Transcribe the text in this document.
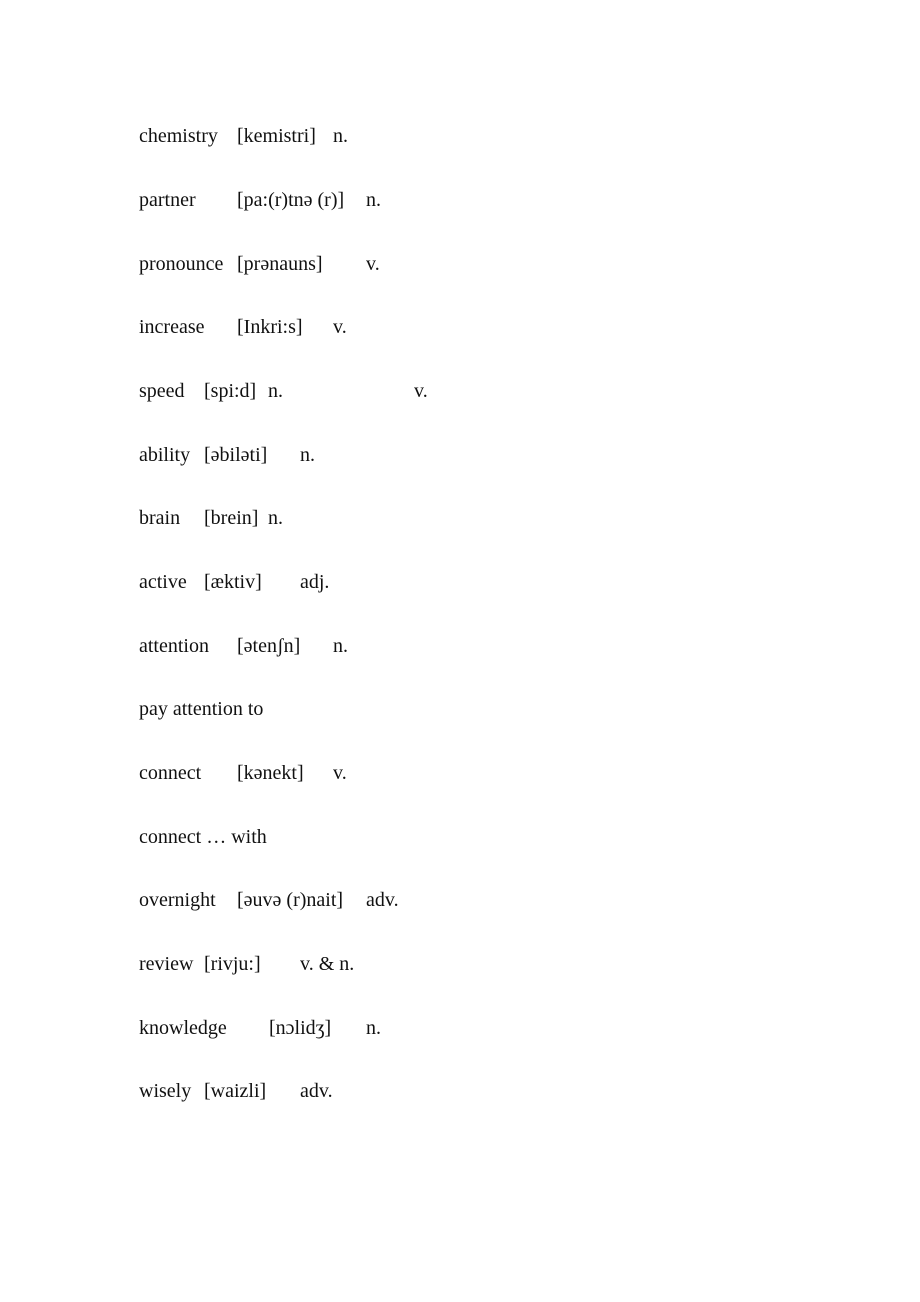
chemistry [kemistri] n.
partner [pa:(r)tnə (r)] n.
pronounce [prənauns] v.
increase [Inkri:s] v.
speed [spi:d] n.	v.
ability [əbiləti] n.
brain [brein] n.
active [æktiv] adj.
attention [ətenʃn] n.
pay attention to
connect [kənekt] v.
connect … with
overnight [əuvə (r)nait] adv.
review [rivju:] v. & n.
knowledge [nɔlidʒ] n.
wisely [waizli] adv.
